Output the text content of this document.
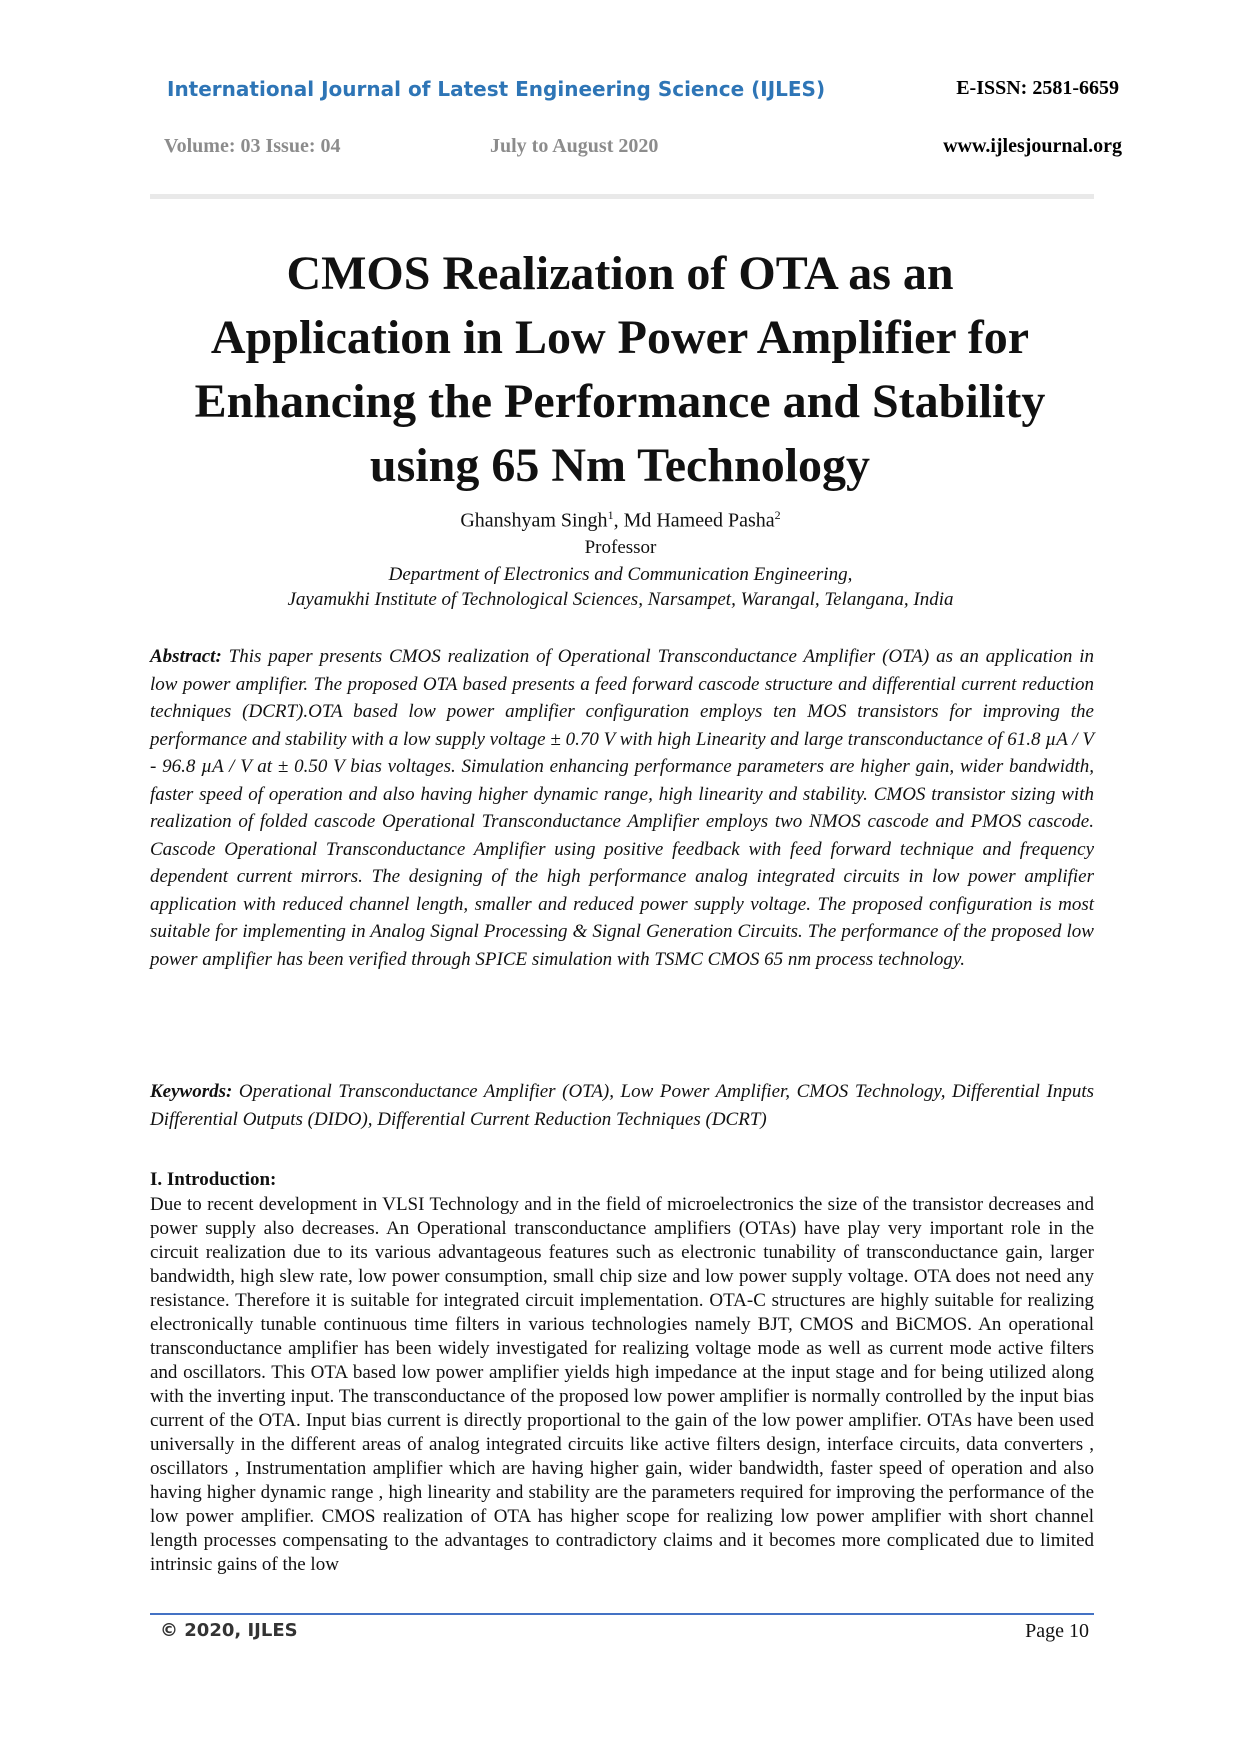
International Journal of Latest Engineering Science (IJLES)	E-ISSN: 2581-6659
Volume: 03 Issue: 04	July to August 2020	www.ijlesjournal.org
CMOS Realization of OTA as an
Application in Low Power Amplifier for
Enhancing the Performance and Stability
using 65 Nm Technology
Ghanshyam Singh$^1$, Md Hameed Pasha$^2$
Professor
Department of Electronics and Communication Engineering,
Jayamukhi Institute of Technological Sciences, Narsampet, Warangal, Telangana, India

Abstract: This paper presents CMOS realization of Operational Transconductance Amplifier (OTA) as an application in low power amplifier. The proposed OTA based presents a feed forward cascode structure and differential current reduction techniques (DCRT).OTA based low power amplifier configuration employs ten MOS transistors for improving the performance and stability with a low supply voltage ± 0.70 V with high Linearity and large transconductance of 61.8 µA / V - 96.8 µA / V at ± 0.50 V bias voltages. Simulation enhancing performance parameters are higher gain, wider bandwidth, faster speed of operation and also having higher dynamic range, high linearity and stability. CMOS transistor sizing with realization of folded cascode Operational Transconductance Amplifier employs two NMOS cascode and PMOS cascode. Cascode Operational Transconductance Amplifier using positive feedback with feed forward technique and frequency dependent current mirrors. The designing of the high performance analog integrated circuits in low power amplifier application with reduced channel length, smaller and reduced power supply voltage. The proposed configuration is most suitable for implementing in Analog Signal Processing & Signal Generation Circuits. The performance of the proposed low power amplifier has been verified through SPICE simulation with TSMC CMOS 65 nm process technology.

Keywords: Operational Transconductance Amplifier (OTA), Low Power Amplifier, CMOS Technology, Differential Inputs Differential Outputs (DIDO), Differential Current Reduction Techniques (DCRT)

I. Introduction:

Due to recent development in VLSI Technology and in the field of microelectronics the size of the transistor decreases and power supply also decreases. An Operational transconductance amplifiers (OTAs) have play very important role in the circuit realization due to its various advantageous features such as electronic tunability of transconductance gain, larger bandwidth, high slew rate, low power consumption, small chip size and low power supply voltage. OTA does not need any resistance. Therefore it is suitable for integrated circuit implementation. OTA-C structures are highly suitable for realizing electronically tunable continuous time filters in various technologies namely BJT, CMOS and BiCMOS. An operational transconductance amplifier has been widely investigated for realizing voltage mode as well as current mode active filters and oscillators. This OTA based low power amplifier yields high impedance at the input stage and for being utilized along with the inverting input. The transconductance of the proposed low power amplifier is normally controlled by the input bias current of the OTA. Input bias current is directly proportional to the gain of the low power amplifier. OTAs have been used universally in the different areas of analog integrated circuits like active filters design, interface circuits, data converters , oscillators , Instrumentation amplifier which are having higher gain, wider bandwidth, faster speed of operation and also having higher dynamic range , high linearity and stability are the parameters required for improving the performance of the low power amplifier. CMOS realization of OTA has higher scope for realizing low power amplifier with short channel length processes compensating to the advantages to contradictory claims and it becomes more complicated due to limited intrinsic gains of the low

© 2020, IJLES	Page 10
